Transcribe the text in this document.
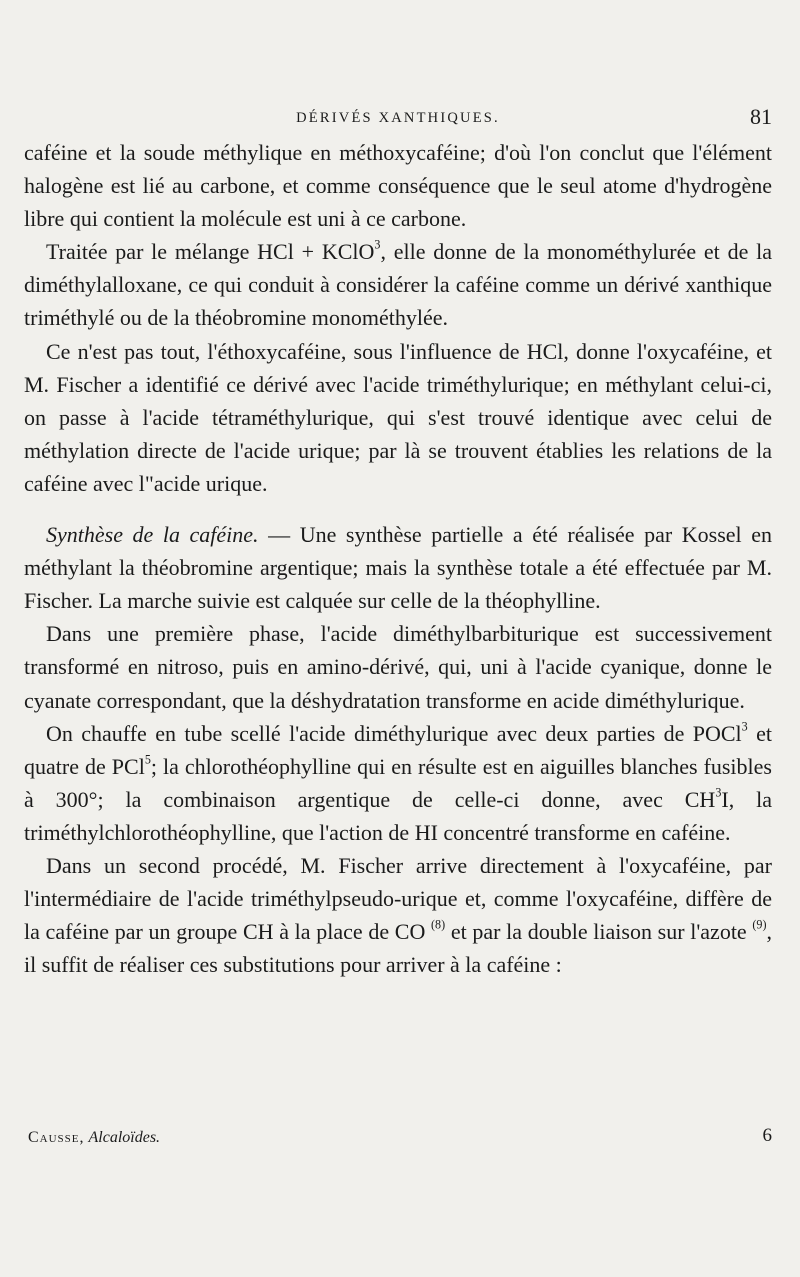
DÉRIVÉS XANTHIQUES.	81

caféine et la soude méthylique en méthoxycaféine; d'où l'on conclut que l'élément halogène est lié au carbone, et comme conséquence que le seul atome d'hydrogène libre qui contient la molécule est uni à ce carbone.

Traitée par le mélange HCl + KClO$^3$, elle donne de la monométhylurée et de la diméthylalloxane, ce qui conduit à considérer la caféine comme un dérivé xanthique triméthylé ou de la théobromine monométhylée.

Ce n'est pas tout, l'éthoxycaféine, sous l'influence de HCl, donne l'oxycaféine, et M. Fischer a identifié ce dérivé avec l'acide triméthylurique; en méthylant celui-ci, on passe à l'acide tétraméthylurique, qui s'est trouvé identique avec celui de méthylation directe de l'acide urique; par là se trouvent établies les relations de la caféine avec l"acide urique.

Synthèse de la caféine. — Une synthèse partielle a été réalisée par Kossel en méthylant la théobromine argentique; mais la synthèse totale a été effectuée par M. Fischer. La marche suivie est calquée sur celle de la théophylline.

Dans une première phase, l'acide diméthylbarbiturique est successivement transformé en nitroso, puis en amino-dérivé, qui, uni à l'acide cyanique, donne le cyanate correspondant, que la déshydratation transforme en acide diméthylurique.

On chauffe en tube scellé l'acide diméthylurique avec deux parties de POCl$^3$ et quatre de PCl$^5$; la chlorothéophylline qui en résulte est en aiguilles blanches fusibles à 300°; la combinaison argentique de celle-ci donne, avec $CH^3I$, la triméthylchlorothéophylline, que l'action de HI concentré transforme en caféine.

Dans un second procédé, M. Fischer arrive directement à l'oxycaféine, par l'intermédiaire de l'acide triméthylpseudo-urique et, comme l'oxycaféine, diffère de la caféine par un groupe CH à la place de CO $^{(8)}$ et par la double liaison sur l'azote $^{(9)}$, il suffit de réaliser ces substitutions pour arriver à la caféine :

Causse, Alcaloïdes.	6
